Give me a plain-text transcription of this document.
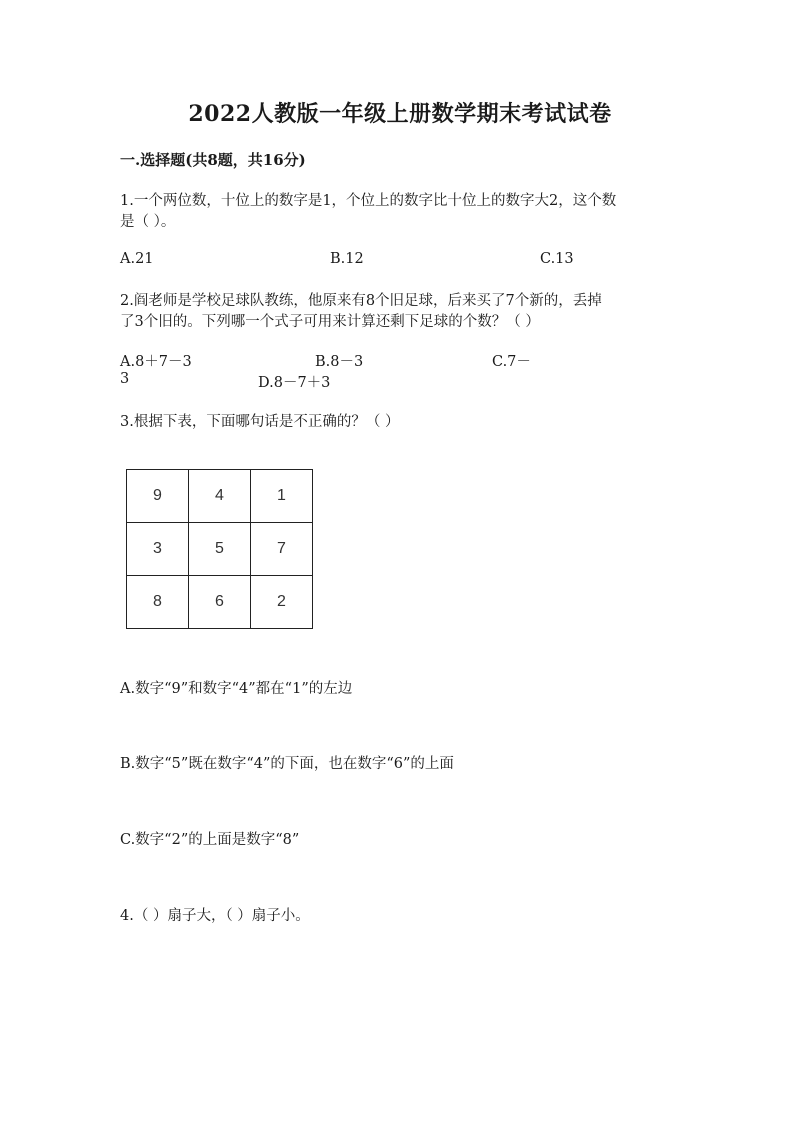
2022人教版一年级上册数学期末考试试卷
一.选择题(共8题，共16分)
1.一个两位数，十位上的数字是1，个位上的数字比十位上的数字大2，这个数
是（ ）。
A.21	B.12	C.13
2.阎老师是学校足球队教练，他原来有8个旧足球，后来买了7个新的，丢掉
了3个旧的。下列哪一个式子可用来计算还剩下足球的个数？（ ）
A.8＋7－3	B.8－3	C.7－
3	D.8－7＋3
3.根据下表，下面哪句话是不正确的？（ ）
9	4	1
3	5	7
8	6	2
A.数字“9”和数字“4”都在“1”的左边
B.数字“5”既在数字“4”的下面，也在数字“6”的上面
C.数字“2”的上面是数字“8”
4.（ ）扇子大，（ ）扇子小。
